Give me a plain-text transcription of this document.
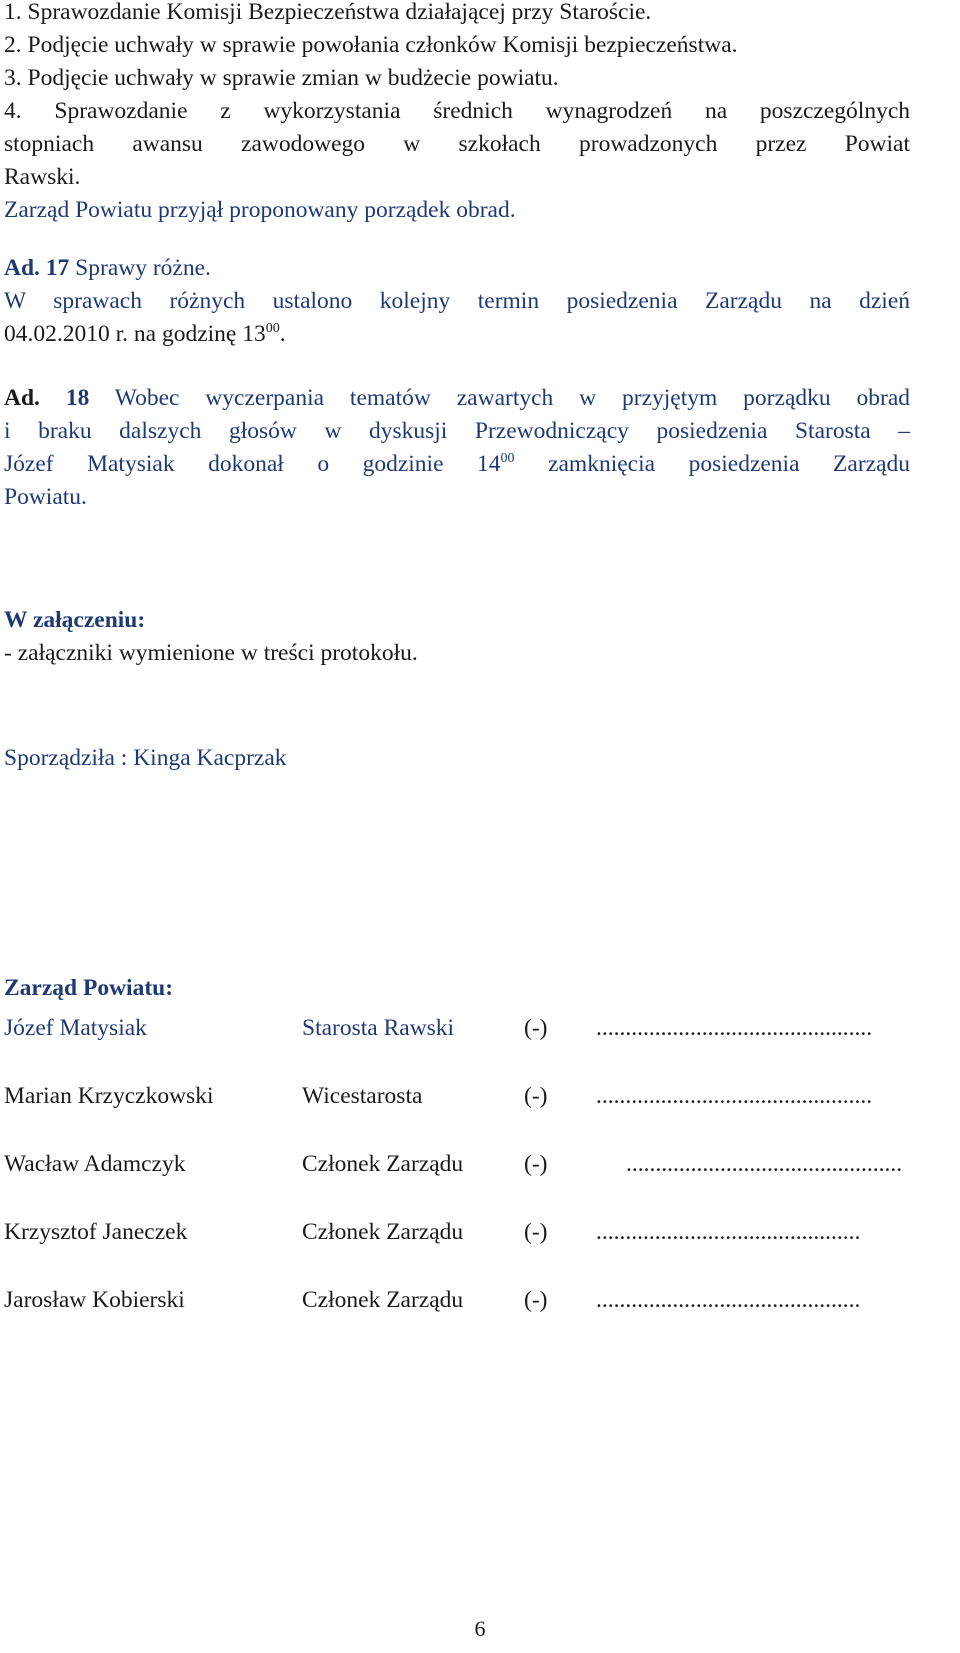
1. Sprawozdanie Komisji Bezpieczeństwa działającej przy Staroście.
2. Podjęcie uchwały w sprawie powołania członków Komisji bezpieczeństwa.
3. Podjęcie uchwały w sprawie zmian w budżecie powiatu.
4. Sprawozdanie z wykorzystania średnich wynagrodzeń na poszczególnych
stopniach awansu zawodowego w szkołach prowadzonych przez Powiat
Rawski.
Zarząd Powiatu przyjął proponowany porządek obrad.
Ad. 17 Sprawy różne.
W sprawach różnych ustalono kolejny termin posiedzenia Zarządu na dzień
04.02.2010 r. na godzinę $13^{00}$.
Ad. 18 Wobec wyczerpania tematów zawartych w przyjętym porządku obrad
i braku dalszych głosów w dyskusji Przewodniczący posiedzenia Starosta –
Józef Matysiak dokonał o godzinie $14^{00}$ zamknięcia posiedzenia Zarządu
Powiatu.
W załączeniu:
- załączniki wymienione w treści protokołu.
Sporządziła : Kinga Kacprzak
Zarząd Powiatu:
Józef Matysiak	Starosta Rawski	(-) ...............................................
Marian Krzyczkowski	Wicestarosta	(-) ...............................................
Wacław Adamczyk	Członek Zarządu	(-)	...............................................
Krzysztof Janeczek	Członek Zarządu	(-) .............................................
Jarosław Kobierski	Członek Zarządu	(-) .............................................
6
